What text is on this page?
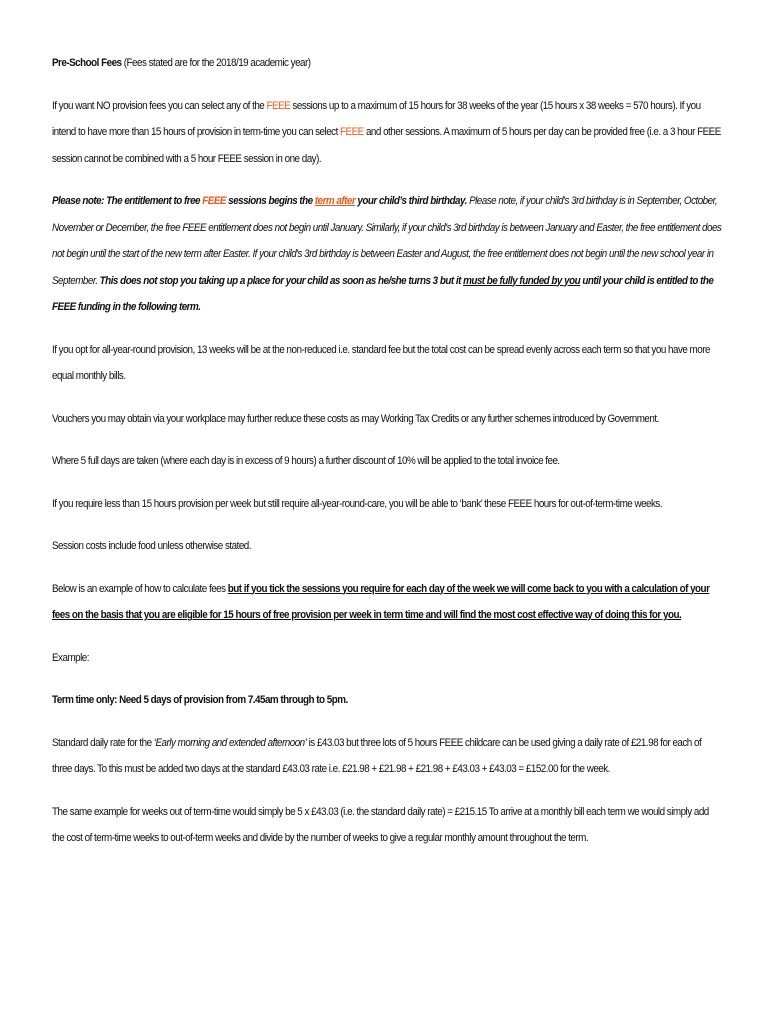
Pre-School Fees (Fees stated are for the 2018/19 academic year)

If you want NO provision fees you can select any of the FEEE sessions up to a maximum of 15 hours for 38 weeks of the year (15 hours x 38 weeks = 570 hours). If you intend to have more than 15 hours of provision in term-time you can select FEEE and other sessions. A maximum of 5 hours per day can be provided free (i.e. a 3 hour FEEE session cannot be combined with a 5 hour FEEE session in one day).

Please note: The entitlement to free FEEE sessions begins the term after your child’s third birthday. Please note, if your child's 3rd birthday is in September, October, November or December, the free FEEE entitlement does not begin until January. Similarly, if your child's 3rd birthday is between January and Easter, the free entitlement does not begin until the start of the new term after Easter. If your child's 3rd birthday is between Easter and August, the free entitlement does not begin until the new school year in September. This does not stop you taking up a place for your child as soon as he/she turns 3 but it must be fully funded by you until your child is entitled to the FEEE funding in the following term.

If you opt for all-year-round provision, 13 weeks will be at the non-reduced i.e. standard fee but the total cost can be spread evenly across each term so that you have more equal monthly bills.

Vouchers you may obtain via your workplace may further reduce these costs as may Working Tax Credits or any further schemes introduced by Government.

Where 5 full days are taken (where each day is in excess of 9 hours) a further discount of 10% will be applied to the total invoice fee.

If you require less than 15 hours provision per week but still require all-year-round-care, you will be able to ‘bank’ these FEEE hours for out-of-term-time weeks.

Session costs include food unless otherwise stated.

Below is an example of how to calculate fees but if you tick the sessions you require for each day of the week we will come back to you with a calculation of your fees on the basis that you are eligible for 15 hours of free provision per week in term time and will find the most cost effective way of doing this for you.

Example:

Term time only: Need 5 days of provision from 7.45am through to 5pm.

Standard daily rate for the ‘Early morning and extended afternoon’ is £43.03 but three lots of 5 hours FEEE childcare can be used giving a daily rate of £21.98 for each of three days. To this must be added two days at the standard £43.03 rate i.e. £21.98 + £21.98 + £21.98 + £43.03 + £43.03 = £152.00 for the week.

The same example for weeks out of term-time would simply be 5 x £43.03 (i.e. the standard daily rate) = £215.15 To arrive at a monthly bill each term we would simply add the cost of term-time weeks to out-of-term weeks and divide by the number of weeks to give a regular monthly amount throughout the term.
